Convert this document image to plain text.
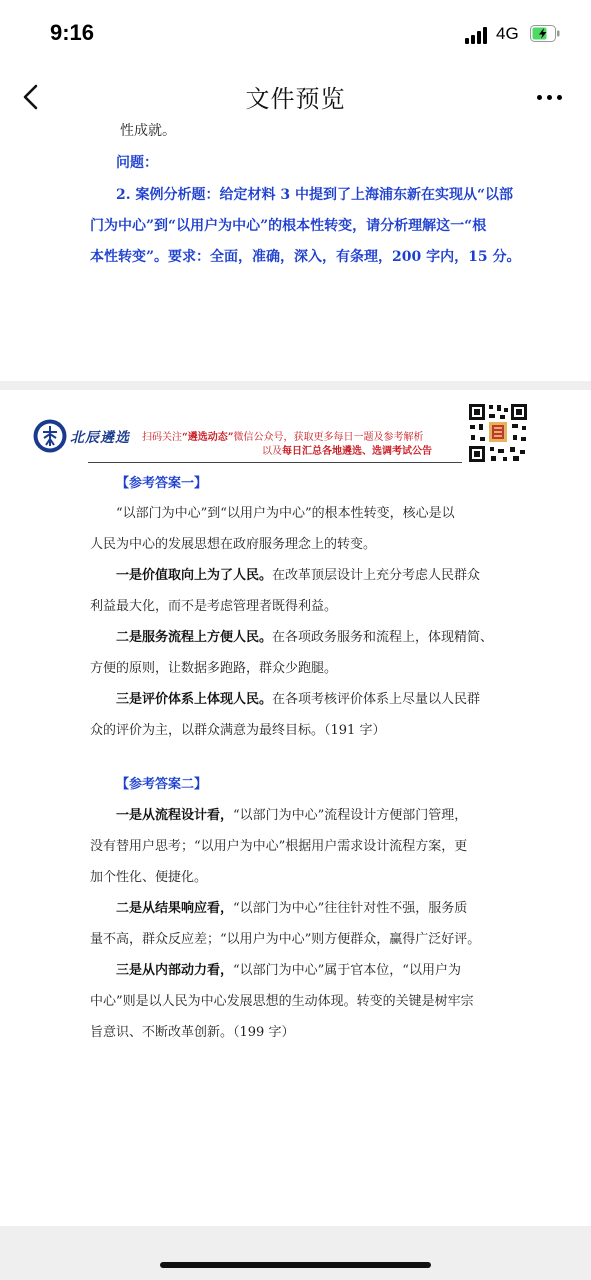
9:16	4G
文件预览
性成就。
问题：
2. 案例分析题：给定材料 3 中提到了上海浦东新在实现从“以部
门为中心”到“以用户为中心”的根本性转变，请分析理解这一“根
本性转变”。要求：全面，准确，深入，有条理，200 字内，15 分。
北辰遴选 扫码关注“遴选动态”微信公众号，获取更多每日一题及参考解析
以及每日汇总各地遴选、选调考试公告
【参考答案一】
“以部门为中心”到“以用户为中心”的根本性转变，核心是以
人民为中心的发展思想在政府服务理念上的转变。
一是价值取向上为了人民。在改革顶层设计上充分考虑人民群众
利益最大化，而不是考虑管理者既得利益。
二是服务流程上方便人民。在各项政务服务和流程上，体现精简、
方便的原则，让数据多跑路，群众少跑腿。
三是评价体系上体现人民。在各项考核评价体系上尽量以人民群
众的评价为主，以群众满意为最终目标。（191 字）
【参考答案二】
一是从流程设计看，“以部门为中心”流程设计方便部门管理，
没有替用户思考；“以用户为中心”根据用户需求设计流程方案，更
加个性化、便捷化。
二是从结果响应看，“以部门为中心”往往针对性不强，服务质
量不高，群众反应差；“以用户为中心”则方便群众，赢得广泛好评。
三是从内部动力看，“以部门为中心”属于官本位，“以用户为
中心”则是以人民为中心发展思想的生动体现。转变的关键是树牢宗
旨意识、不断改革创新。（199 字）
